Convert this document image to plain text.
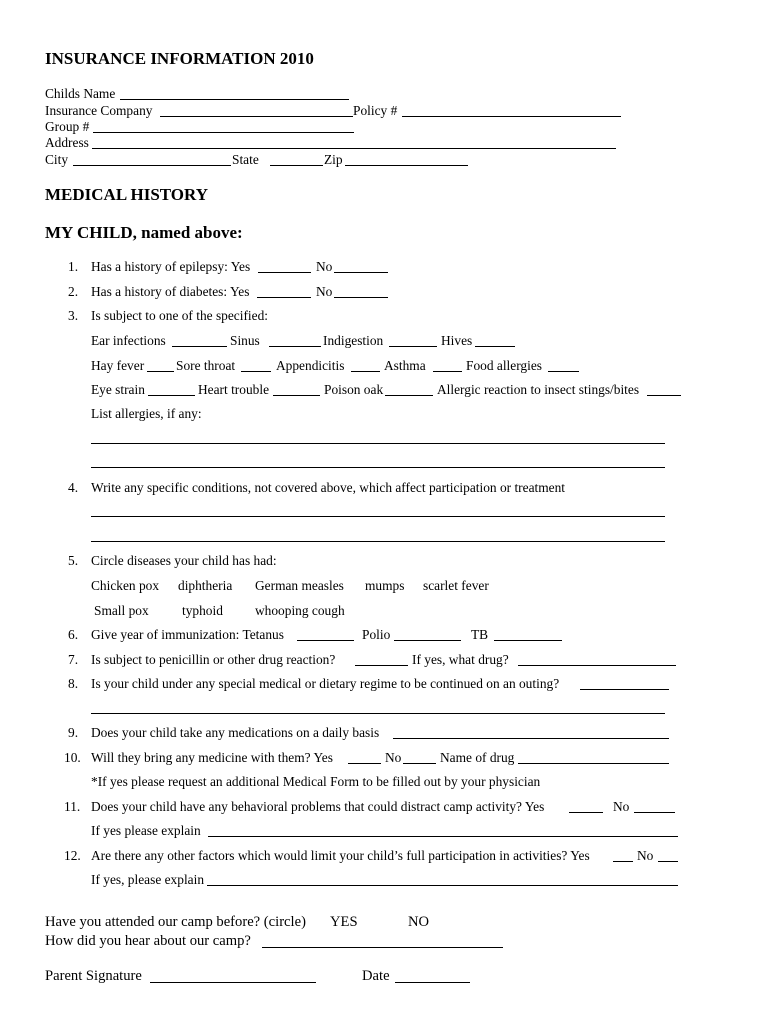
INSURANCE INFORMATION 2010
Childs Name
Insurance Company	Policy #
Group #
Address
City	State	Zip
MEDICAL HISTORY
MY CHILD, named above:
1. Has a history of epilepsy: Yes	No
2. Has a history of diabetes: Yes	No
3. Is subject to one of the specified:
Ear infections	Sinus	Indigestion	Hives
Hay fever Sore throat	Appendicitis	Asthma	Food allergies
Eye strain	Heart trouble	Poison oak	Allergic reaction to insect stings/bites
List allergies, if any:
4. Write any specific conditions, not covered above, which affect participation or treatment
5. Circle diseases your child has had:
Chicken pox diphtheria German measles mumps scarlet fever
Small pox typhoid whooping cough
6. Give year of immunization: Tetanus	Polio	TB
7. Is subject to penicillin or other drug reaction?	If yes, what drug?
8. Is your child under any special medical or dietary regime to be continued on an outing?
9. Does your child take any medications on a daily basis
10. Will they bring any medicine with them? Yes	No	Name of drug
*If yes please request an additional Medical Form to be filled out by your physician
11. Does your child have any behavioral problems that could distract camp activity? Yes	No
If yes please explain
12. Are there any other factors which would limit your child’s full participation in activities? Yes	No
If yes, please explain
Have you attended our camp before? (circle) YES	NO
How did you hear about our camp?
Parent Signature	Date
